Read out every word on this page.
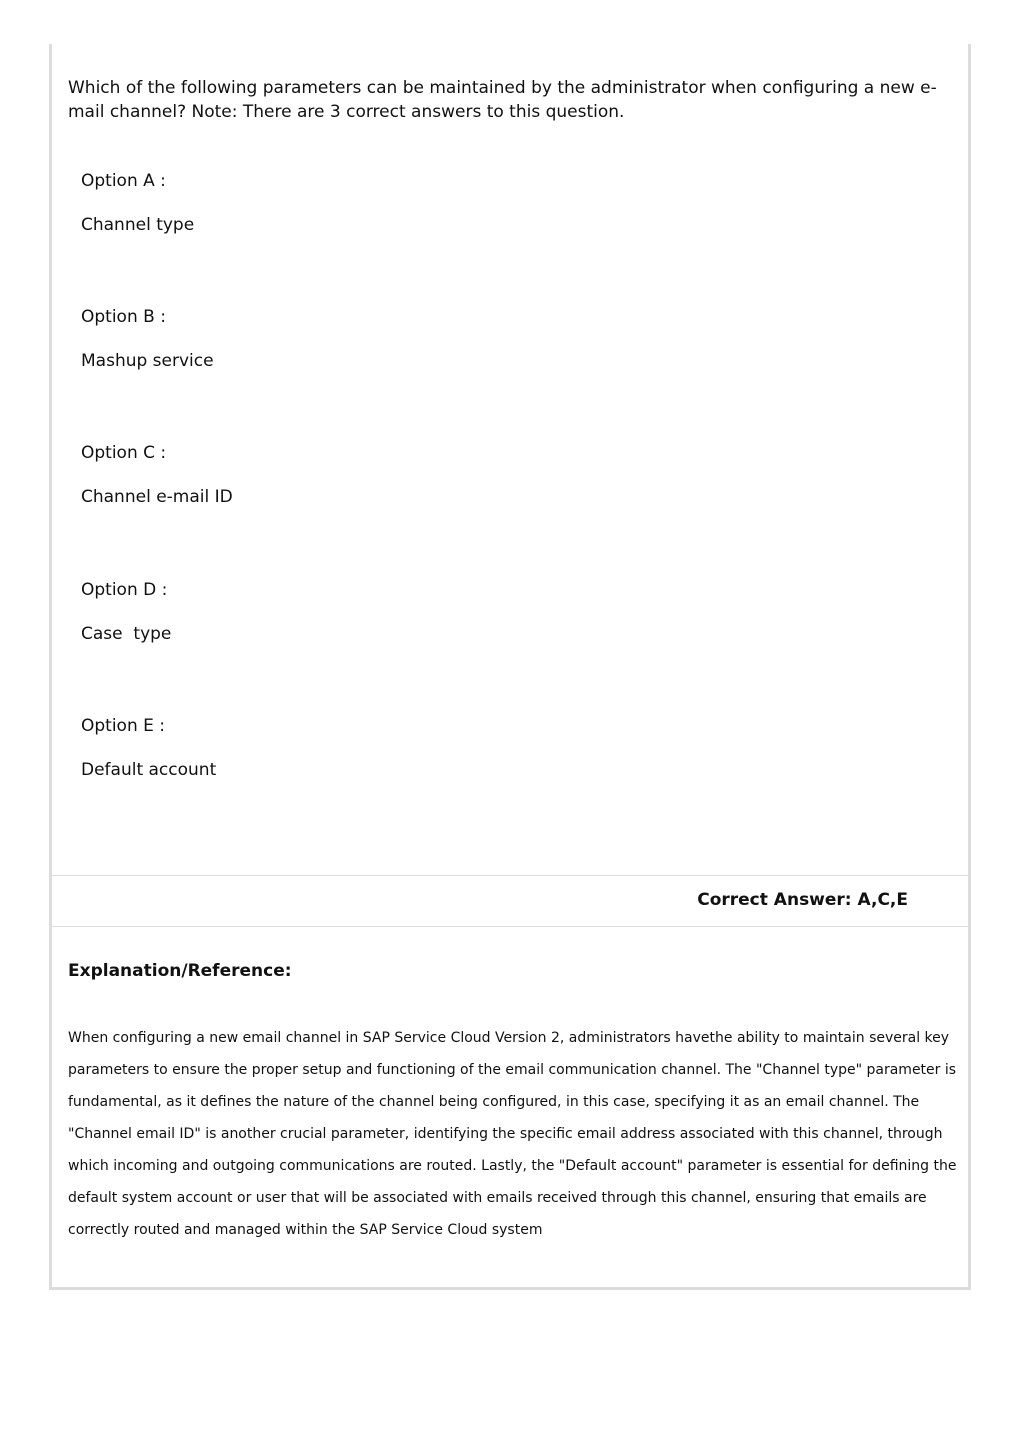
Which of the following parameters can be maintained by the administrator when configuring a new e-mail channel? Note: There are 3 correct answers to this question.

Option A :
Channel type
Option B :
Mashup service
Option C :
Channel e-mail ID
Option D :
Case  type
Option E :
Default account
Correct Answer: A,C,E
Explanation/Reference:

When configuring a new email channel in SAP Service Cloud Version 2, administrators havethe ability to maintain several key parameters to ensure the proper setup and functioning of the email communication channel. The "Channel type" parameter is fundamental, as it defines the nature of the channel being configured, in this case, specifying it as an email channel. The "Channel email ID" is another crucial parameter, identifying the specific email address associated with this channel, through which incoming and outgoing communications are routed. Lastly, the "Default account" parameter is essential for defining the default system account or user that will be associated with emails received through this channel, ensuring that emails are correctly routed and managed within the SAP Service Cloud system
